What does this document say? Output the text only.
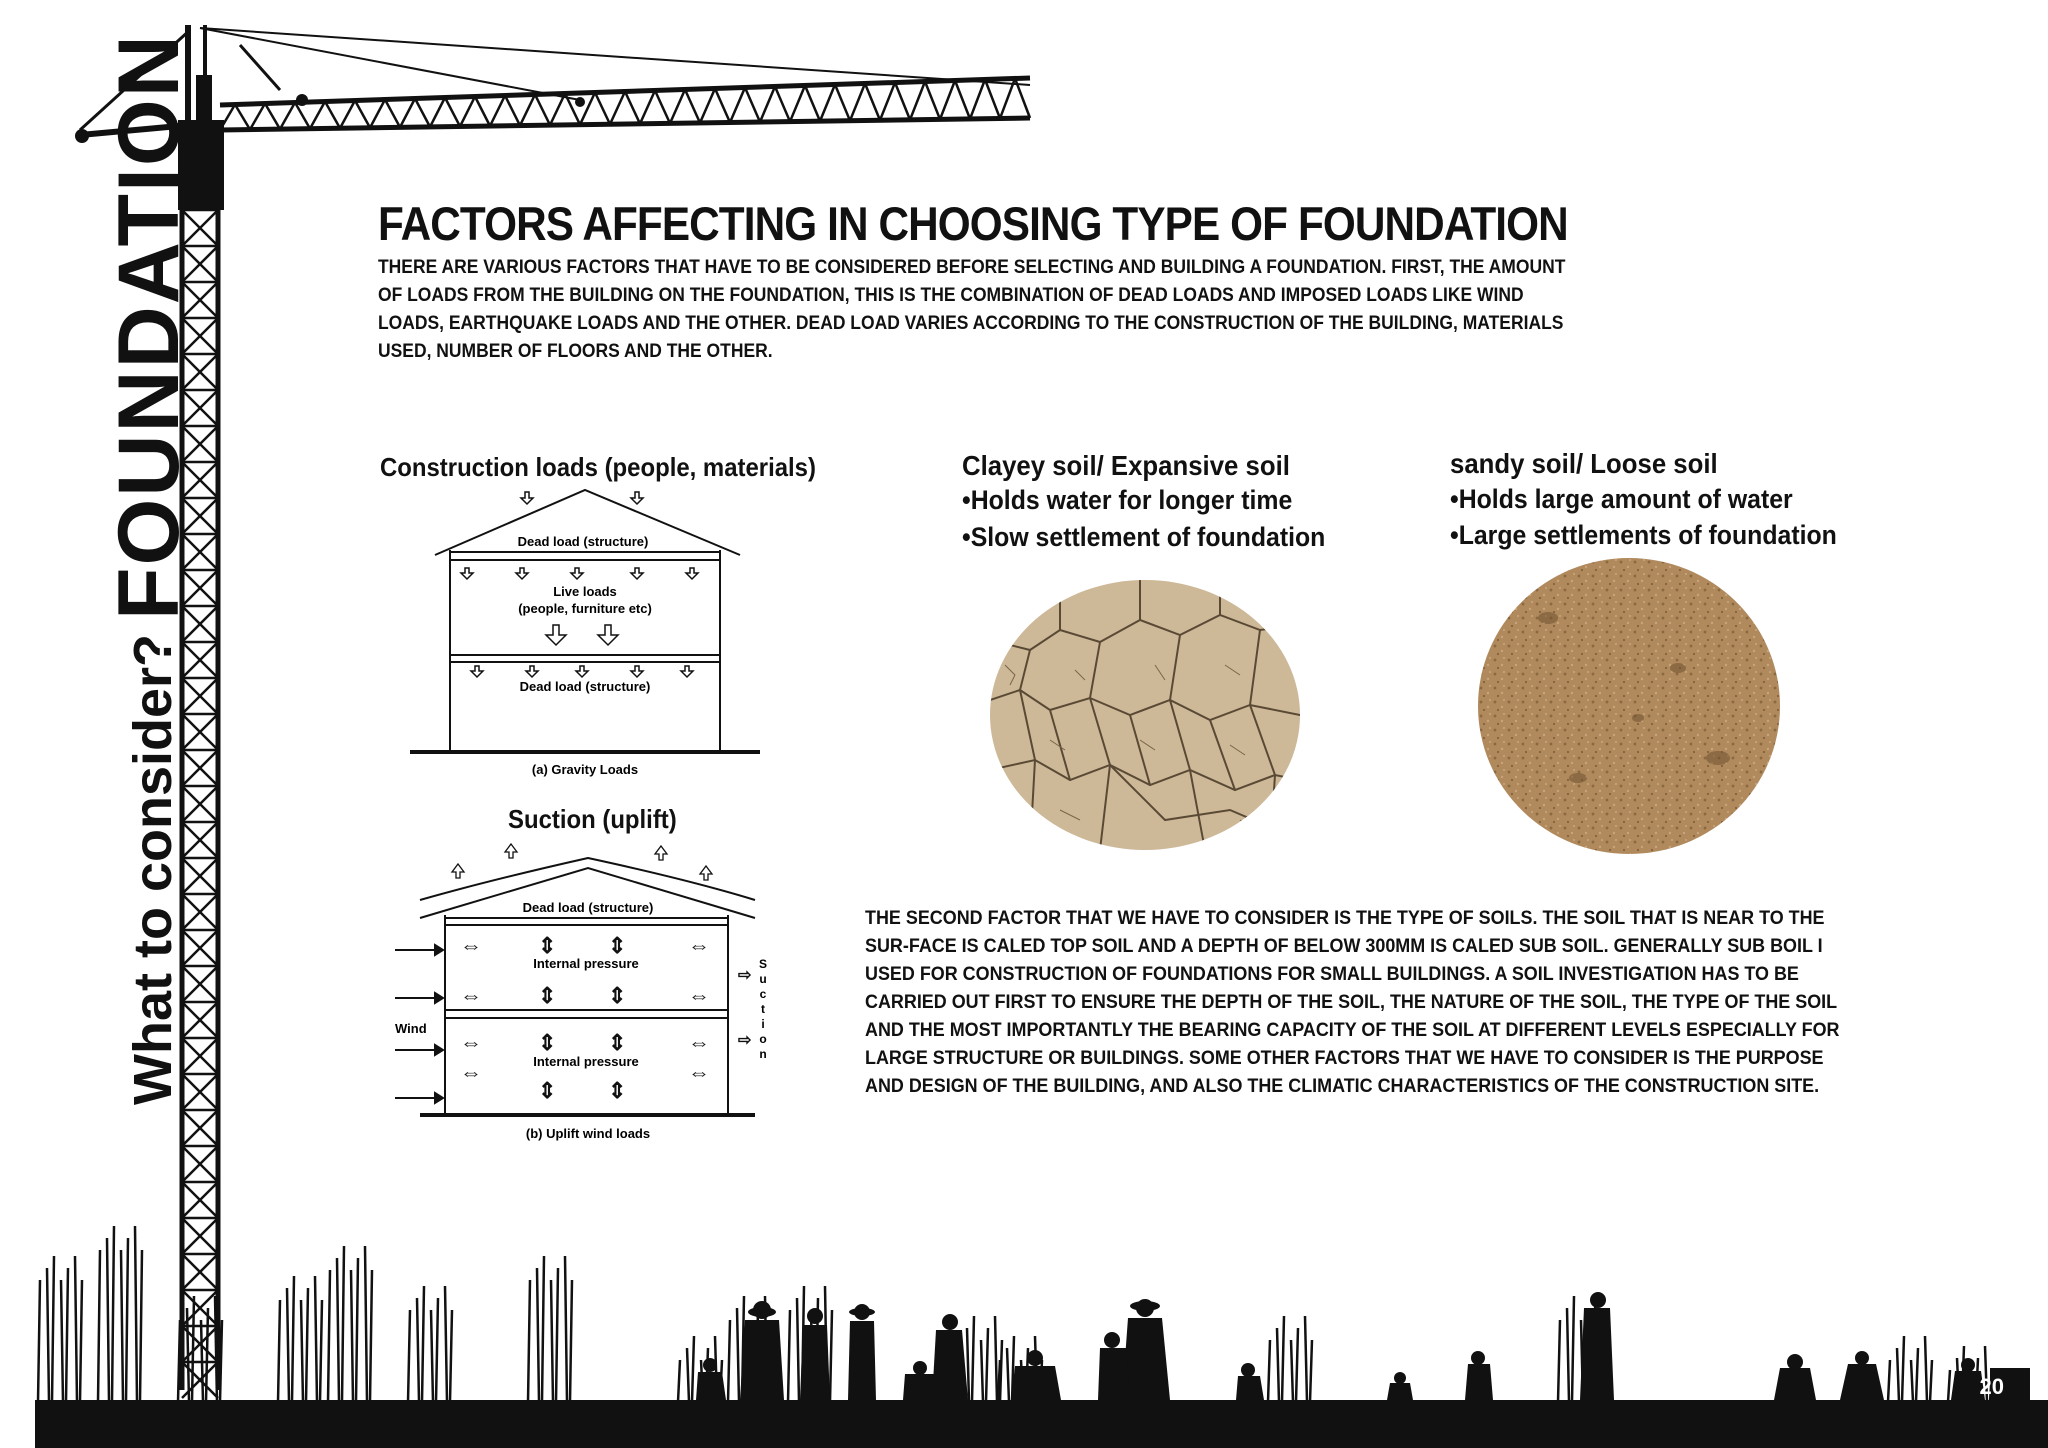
FOUNDATION
What to consider?
FACTORS AFFECTING IN CHOOSING TYPE OF FOUNDATION
THERE ARE VARIOUS FACTORS THAT HAVE TO BE CONSIDERED BEFORE SELECTING AND BUILDING A FOUNDATION. FIRST, THE AMOUNT OF LOADS FROM THE BUILDING ON THE FOUNDATION, THIS IS THE COMBINATION OF DEAD LOADS AND IMPOSED LOADS LIKE WIND LOADS, EARTHQUAKE LOADS AND THE OTHER. DEAD LOAD VARIES ACCORDING TO THE CONSTRUCTION OF THE BUILDING, MATERIALS USED, NUMBER OF FLOORS AND THE OTHER.
Construction loads (people, materials)
Dead load (structure)
Live loads
(people, furniture etc)
Dead load (structure)
(a) Gravity Loads
Suction (uplift)
⇔	⇕ ⇕	⇔
⇔	⇕ ⇕	⇔
⇔	⇕ ⇕	⇔
⇔
⇕ ⇕
⇔
⇨
⇨
Dead load (structure)
Internal pressure
Internal pressure
Wind
S
u
c
t
i
o
n
(b) Uplift wind loads
Clayey soil/ Expansive soil
•Holds water for longer time
•Slow settlement of foundation
sandy soil/ Loose soil
•Holds large amount of water
•Large settlements of foundation
THE SECOND FACTOR THAT WE HAVE TO CONSIDER IS THE TYPE OF SOILS. THE SOIL THAT IS NEAR TO THE SUR-FACE IS CALED TOP SOIL AND A DEPTH OF BELOW 300MM IS CALED SUB SOIL. GENERALLY SUB BOIL I USED FOR CONSTRUCTION OF FOUNDATIONS FOR SMALL BUILDINGS. A SOIL INVESTIGATION HAS TO BE CARRIED OUT FIRST TO ENSURE THE DEPTH OF THE SOIL, THE NATURE OF THE SOIL, THE TYPE OF THE SOIL AND THE MOST IMPORTANTLY THE BEARING CAPACITY OF THE SOIL AT DIFFERENT LEVELS ESPECIALLY FOR LARGE STRUCTURE OR BUILDINGS. SOME OTHER FACTORS THAT WE HAVE TO CONSIDER IS THE PURPOSE AND DESIGN OF THE BUILDING, AND ALSO THE CLIMATIC CHARACTERISTICS OF THE CONSTRUCTION SITE.
20
